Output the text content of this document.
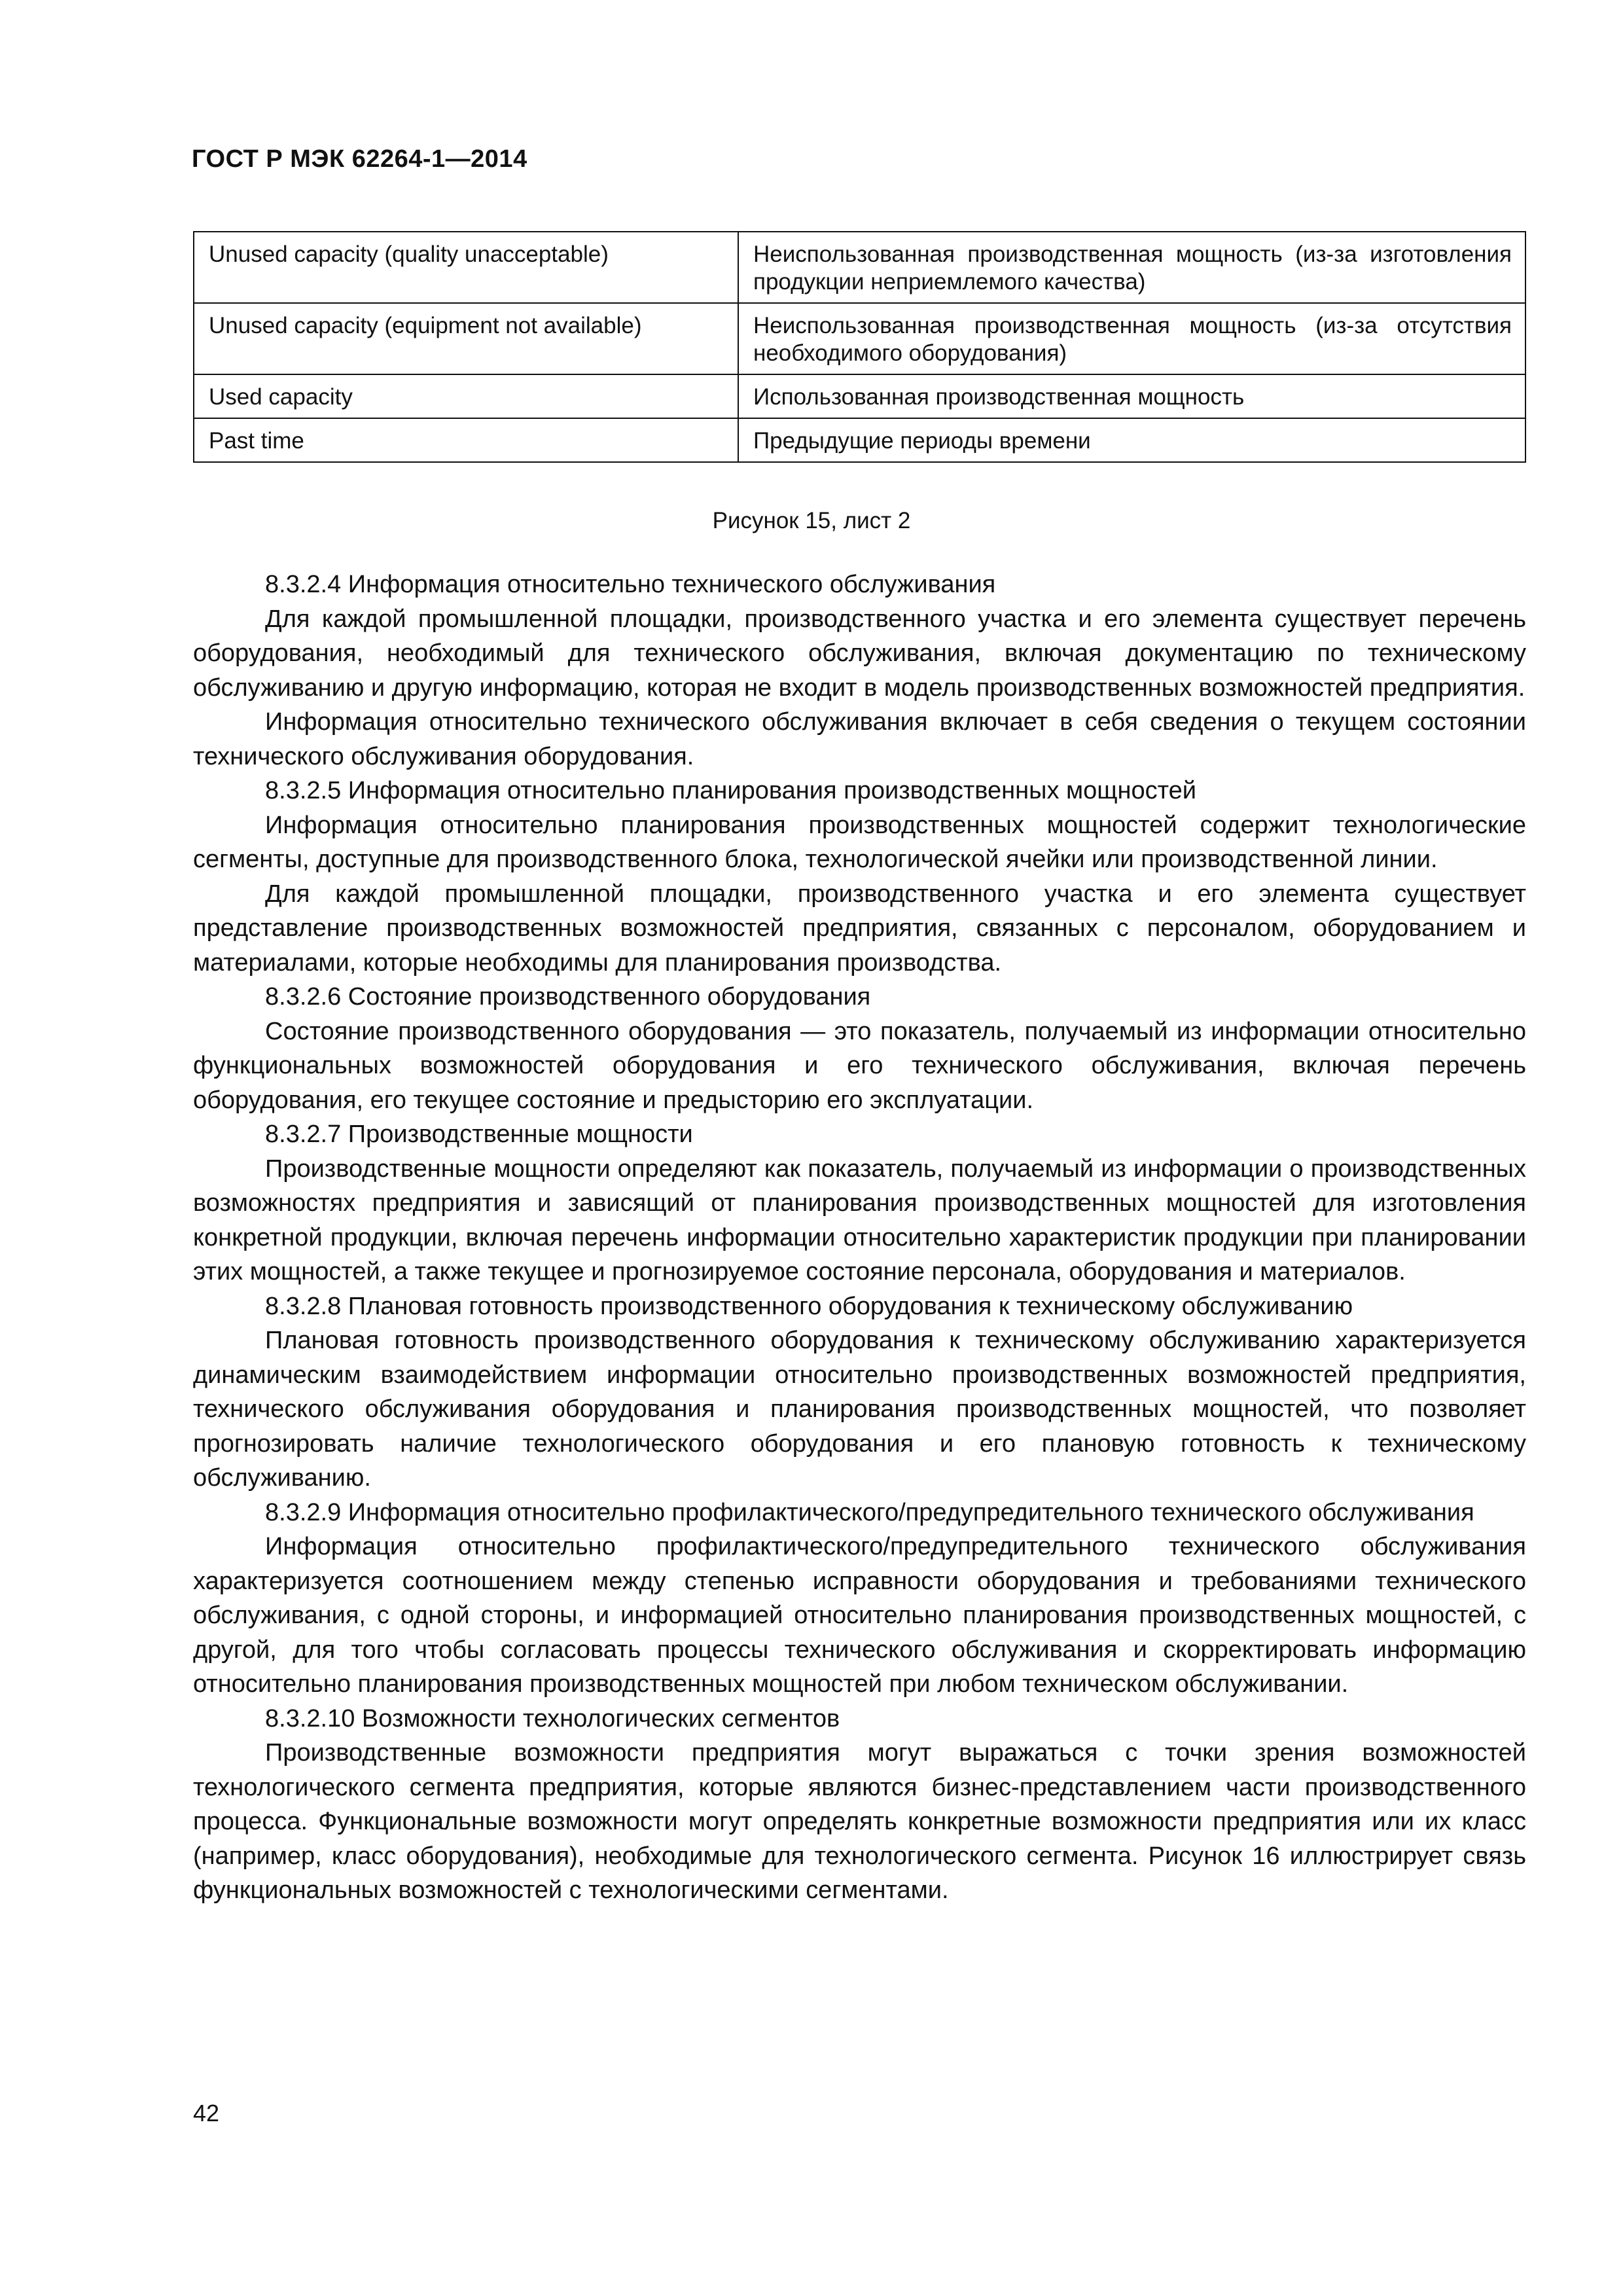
ГОСТ Р МЭК 62264-1—2014
Unused capacity (quality unacceptable)	Неиспользованная производственная мощность (из-за изготовления продукции неприемлемого качества)
Unused capacity (equipment not available)	Неиспользованная производственная мощность (из-за отсутствия необходимого оборудования)
Used capacity	Использованная производственная мощность
Past time	Предыдущие периоды времени
Рисунок 15, лист 2

8.3.2.4 Информация относительно технического обслуживания

Для каждой промышленной площадки, производственного участка и его элемента существует перечень оборудования, необходимый для технического обслуживания, включая документацию по техническому обслуживанию и другую информацию, которая не входит в модель производственных возможностей предприятия.

Информация относительно технического обслуживания включает в себя сведения о текущем состоянии технического обслуживания оборудования.

8.3.2.5 Информация относительно планирования производственных мощностей

Информация относительно планирования производственных мощностей содержит технологические сегменты, доступные для производственного блока, технологической ячейки или производственной линии.

Для каждой промышленной площадки, производственного участка и его элемента существует представление производственных возможностей предприятия, связанных с персоналом, оборудованием и материалами, которые необходимы для планирования производства.

8.3.2.6 Состояние производственного оборудования

Состояние производственного оборудования — это показатель, получаемый из информации относительно функциональных возможностей оборудования и его технического обслуживания, включая перечень оборудования, его текущее состояние и предысторию его эксплуатации.

8.3.2.7 Производственные мощности

Производственные мощности определяют как показатель, получаемый из информации о производственных возможностях предприятия и зависящий от планирования производственных мощностей для изготовления конкретной продукции, включая перечень информации относительно характеристик продукции при планировании этих мощностей, а также текущее и прогнозируемое состояние персонала, оборудования и материалов.

8.3.2.8 Плановая готовность производственного оборудования к техническому обслуживанию

Плановая готовность производственного оборудования к техническому обслуживанию характеризуется динамическим взаимодействием информации относительно производственных возможностей предприятия, технического обслуживания оборудования и планирования производственных мощностей, что позволяет прогнозировать наличие технологического оборудования и его плановую готовность к техническому обслуживанию.

8.3.2.9 Информация относительно профилактического/предупредительного технического обслуживания

Информация относительно профилактического/предупредительного технического обслуживания характеризуется соотношением между степенью исправности оборудования и требованиями технического обслуживания, с одной стороны, и информацией относительно планирования производственных мощностей, с другой, для того чтобы согласовать процессы технического обслуживания и скорректировать информацию относительно планирования производственных мощностей при любом техническом обслуживании.

8.3.2.10 Возможности технологических сегментов

Производственные возможности предприятия могут выражаться с точки зрения возможностей технологического сегмента предприятия, которые являются бизнес-представлением части производственного процесса. Функциональные возможности могут определять конкретные возможности предприятия или их класс (например, класс оборудования), необходимые для технологического сегмента. Рисунок 16 иллюстрирует связь функциональных возможностей с технологическими сегментами.

42
